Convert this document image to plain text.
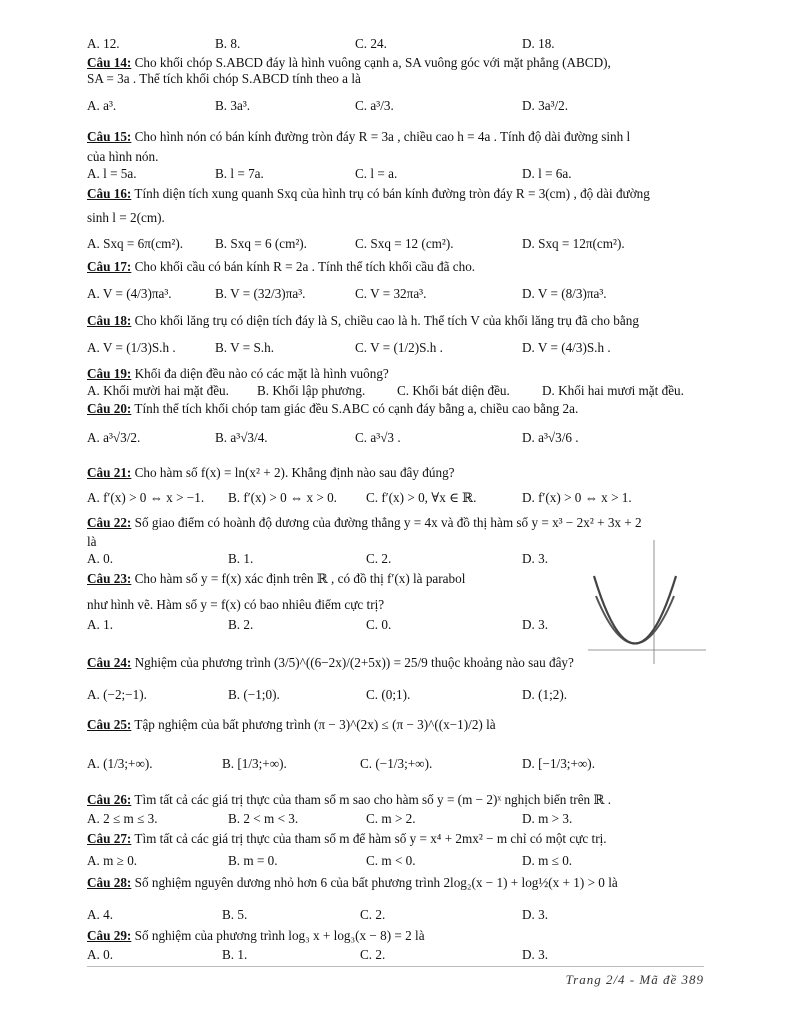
A. 12.	B. 8.	C. 24.	D. 18.
Câu 14: Cho khối chóp S.ABCD đáy là hình vuông cạnh a, SA vuông góc với mặt phẳng (ABCD),
SA = 3a . Thể tích khối chóp S.ABCD tính theo a là
A. a³.	B. 3a³.	C. a³/3.	D. 3a³/2.
Câu 15: Cho hình nón có bán kính đường tròn đáy R = 3a , chiều cao h = 4a . Tính độ dài đường sinh l
của hình nón.
A. l = 5a.	B. l = 7a.	C. l = a.	D. l = 6a.
Câu 16: Tính diện tích xung quanh Sxq của hình trụ có bán kính đường tròn đáy R = 3(cm) , độ dài đường
sinh l = 2(cm).
A. Sxq = 6π(cm²). B. Sxq = 6 (cm²).	C. Sxq = 12 (cm²).	D. Sxq = 12π(cm²).
Câu 17: Cho khối cầu có bán kính R = 2a . Tính thể tích khối cầu đã cho.
A. V = (4/3)πa³.	B. V = (32/3)πa³.	C. V = 32πa³.	D. V = (8/3)πa³.
Câu 18: Cho khối lăng trụ có diện tích đáy là S, chiều cao là h. Thể tích V của khối lăng trụ đã cho bằng
A. V = (1/3)S.h .	B. V = S.h.	C. V = (1/2)S.h .	D. V = (4/3)S.h .
Câu 19: Khối đa diện đều nào có các mặt là hình vuông?
A. Khối mười hai mặt đều. B. Khối lập phương. C. Khối bát diện đều. D. Khối hai mươi mặt đều.
Câu 20: Tính thể tích khối chóp tam giác đều S.ABC có cạnh đáy bằng a, chiều cao bằng 2a.
A. a³√3/2.	B. a³√3/4.	C. a³√3 .	D. a³√3/6 .
Câu 21: Cho hàm số f(x) = ln(x² + 2). Khẳng định nào sau đây đúng?
A. f′(x) > 0 ⇔ x > −1. B. f′(x) > 0 ⇔ x > 0. C. f′(x) > 0, ∀x ∈ ℝ.	D. f′(x) > 0 ⇔ x > 1.
Câu 22: Số giao điểm có hoành độ dương của đường thẳng y = 4x và đồ thị hàm số y = x³ − 2x² + 3x + 2
là
A. 0.	B. 1.	C. 2.	D. 3.
Câu 23: Cho hàm số y = f(x) xác định trên ℝ , có đồ thị f′(x) là parabol
như hình vẽ. Hàm số y = f(x) có bao nhiêu điểm cực trị?
A. 1.	B. 2.	C. 0.	D. 3.
Câu 24: Nghiệm của phương trình (3/5)^((6−2x)/(2+5x)) = 25/9 thuộc khoảng nào sau đây?
A. (−2;−1).	B. (−1;0).	C. (0;1).	D. (1;2).
Câu 25: Tập nghiệm của bất phương trình (π − 3)^(2x) ≤ (π − 3)^((x−1)/2) là
A. (1/3;+∞).	B. [1/3;+∞).	C. (−1/3;+∞).	D. [−1/3;+∞).
Câu 26: Tìm tất cả các giá trị thực của tham số m sao cho hàm số y = (m − 2)ˣ nghịch biến trên ℝ .
A. 2 ≤ m ≤ 3.	B. 2 < m < 3.	C. m > 2.	D. m > 3.
Câu 27: Tìm tất cả các giá trị thực của tham số m để hàm số y = x⁴ + 2mx² − m chỉ có một cực trị.
A. m ≥ 0.	B. m = 0.	C. m < 0.	D. m ≤ 0.
Câu 28: Số nghiệm nguyên dương nhỏ hơn 6 của bất phương trình 2log₂(x − 1) + log½(x + 1) > 0 là
A. 4.	B. 5.	C. 2.	D. 3.
Câu 29: Số nghiệm của phương trình log₃ x + log₃(x − 8) = 2 là
A. 0.	B. 1.	C. 2.	D. 3.
Trang 2/4 - Mã đề 389
